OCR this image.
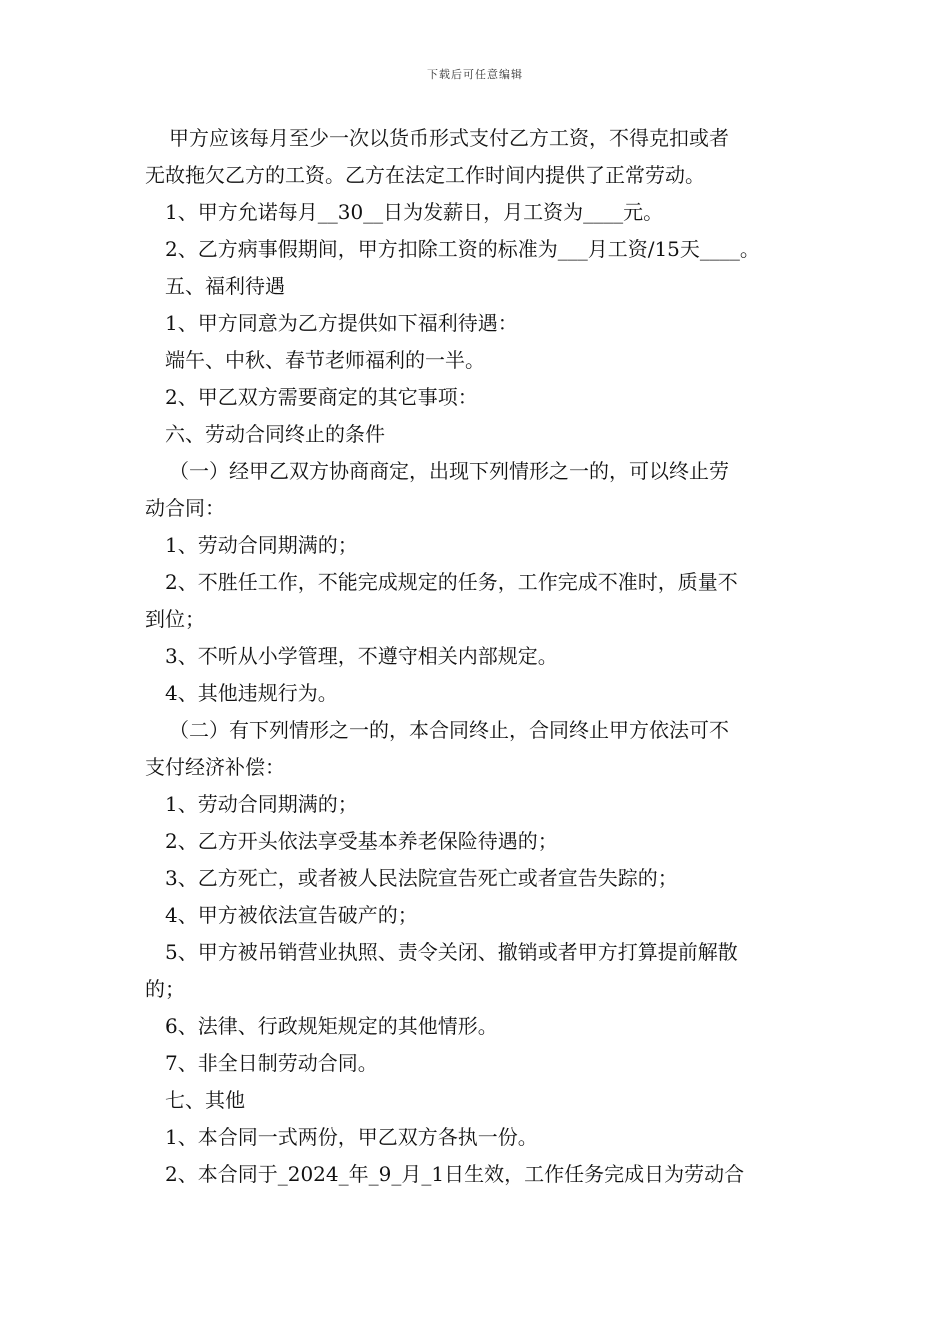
下载后可任意编辑
甲方应该每月至少一次以货币形式支付乙方工资，不得克扣或者
无故拖欠乙方的工资。乙方在法定工作时间内提供了正常劳动。
1、甲方允诺每月__30__日为发薪日，月工资为____元。
2、乙方病事假期间，甲方扣除工资的标准为___月工资/15天____。
五、福利待遇
1、甲方同意为乙方提供如下福利待遇：
端午、中秋、春节老师福利的一半。
2、甲乙双方需要商定的其它事项：
六、劳动合同终止的条件
（一）经甲乙双方协商商定，出现下列情形之一的，可以终止劳
动合同：
1、劳动合同期满的；
2、不胜任工作，不能完成规定的任务，工作完成不准时，质量不
到位；
3、不听从小学管理，不遵守相关内部规定。
4、其他违规行为。
（二）有下列情形之一的，本合同终止，合同终止甲方依法可不
支付经济补偿：
1、劳动合同期满的；
2、乙方开头依法享受基本养老保险待遇的；
3、乙方死亡，或者被人民法院宣告死亡或者宣告失踪的；
4、甲方被依法宣告破产的；
5、甲方被吊销营业执照、责令关闭、撤销或者甲方打算提前解散
的；
6、法律、行政规矩规定的其他情形。
7、非全日制劳动合同。
七、其他
1、本合同一式两份，甲乙双方各执一份。
2、本合同于_2024_年_9_月_1日生效，工作任务完成日为劳动合
